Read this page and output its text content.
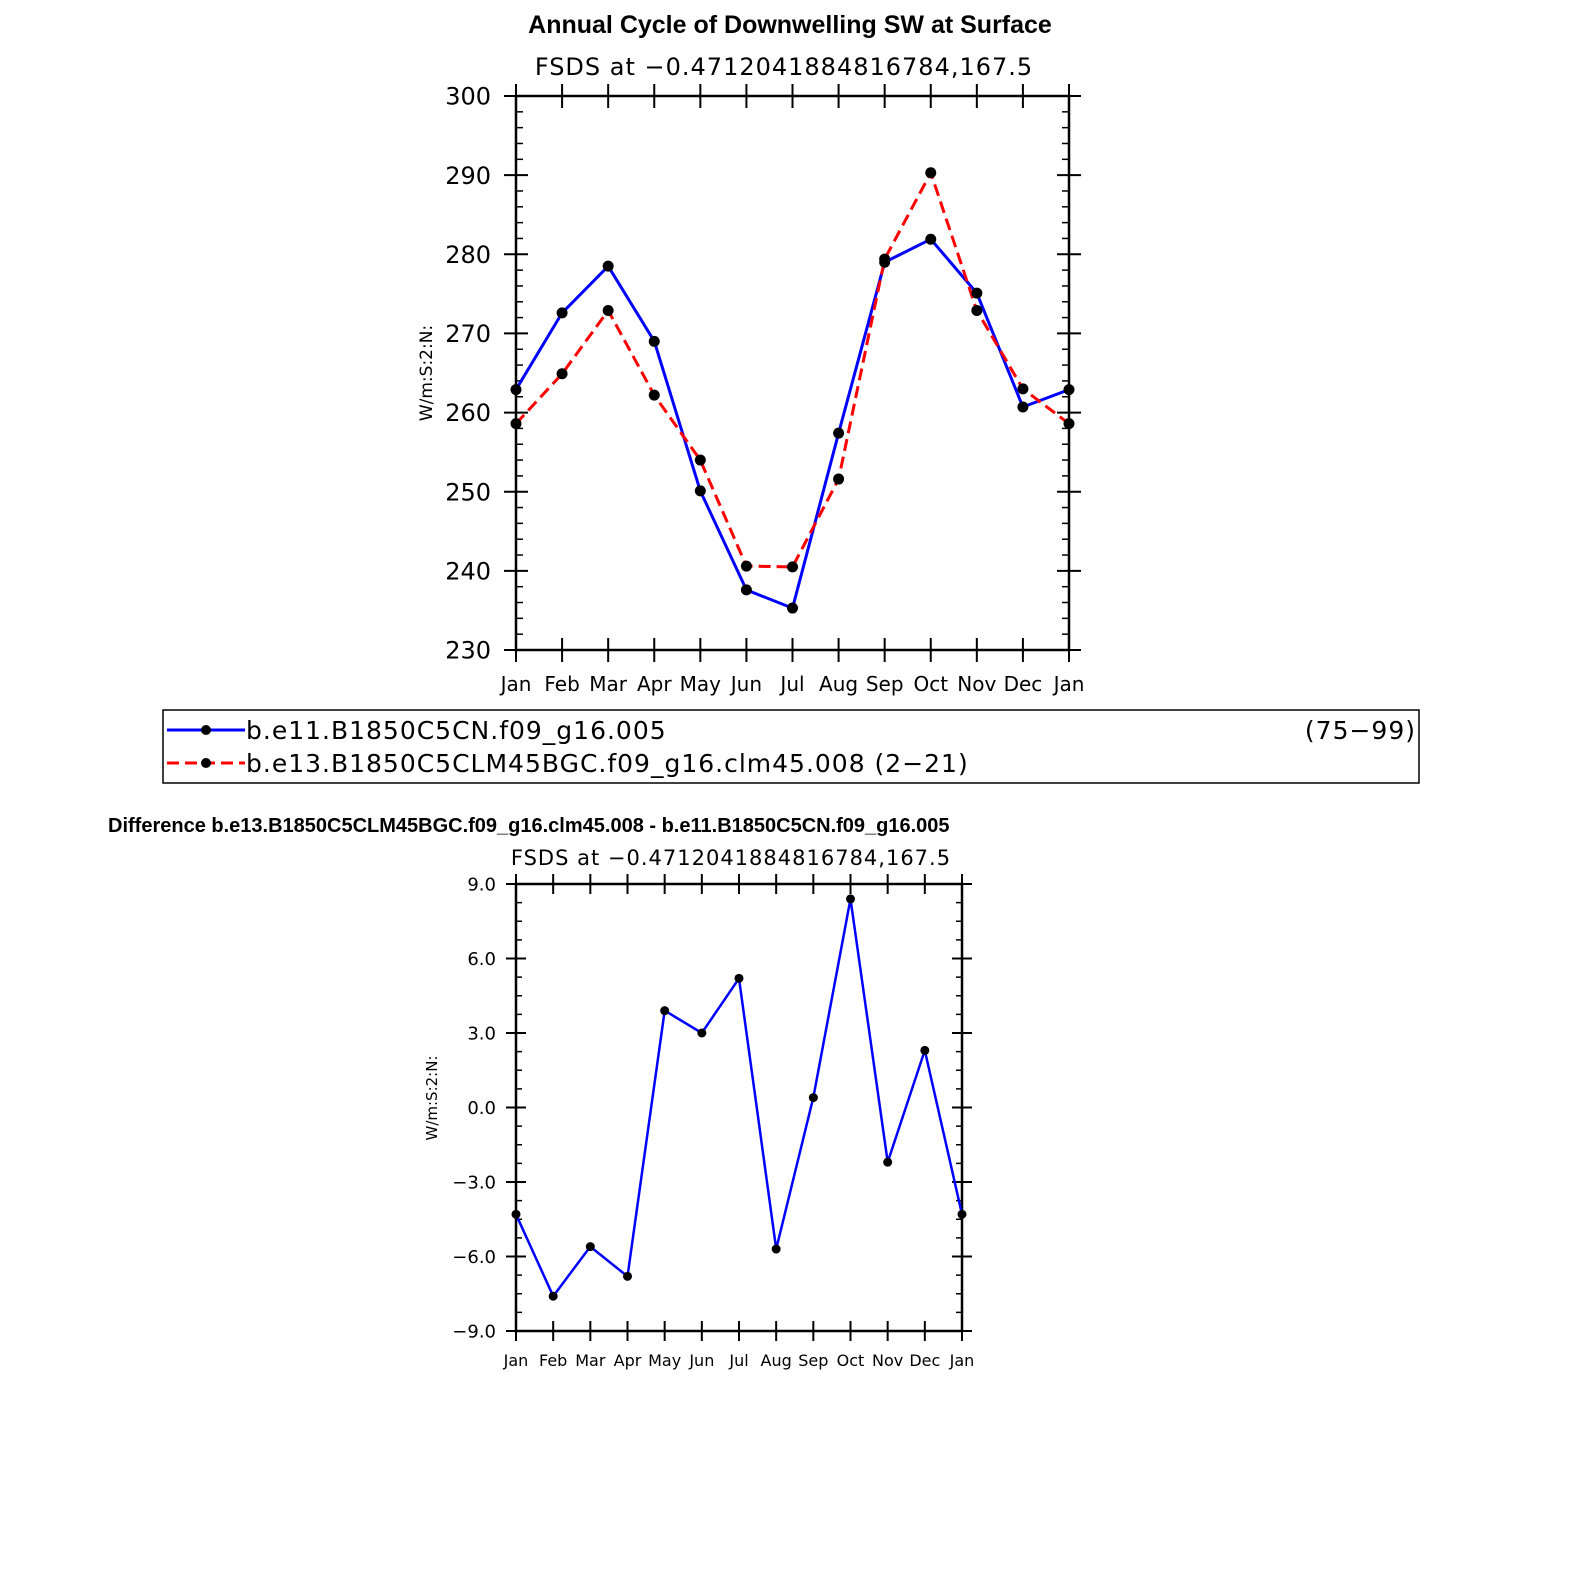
Annual Cycle of Downwelling SW at Surface
FSDS at −0.4712041884816784,167.5
W/m:S:2:N:
230
240
250
260
270
280
290
300
Jan Feb Mar Apr May Jun Jul Aug Sep Oct Nov Dec Jan
b.e11.B1850C5CN.f09_g16.005	(75−99)
b.e13.B1850C5CLM45BGC.f09_g16.clm45.008 (2−21)
Difference b.e13.B1850C5CLM45BGC.f09_g16.clm45.008 - b.e11.B1850C5CN.f09_g16.005
FSDS at −0.4712041884816784,167.5
W/m:S:2:N:
−9.0
−6.0
−3.0
0.0
3.0
6.0
9.0
Jan Feb Mar Apr May Jun Jul Aug Sep Oct Nov Dec Jan
